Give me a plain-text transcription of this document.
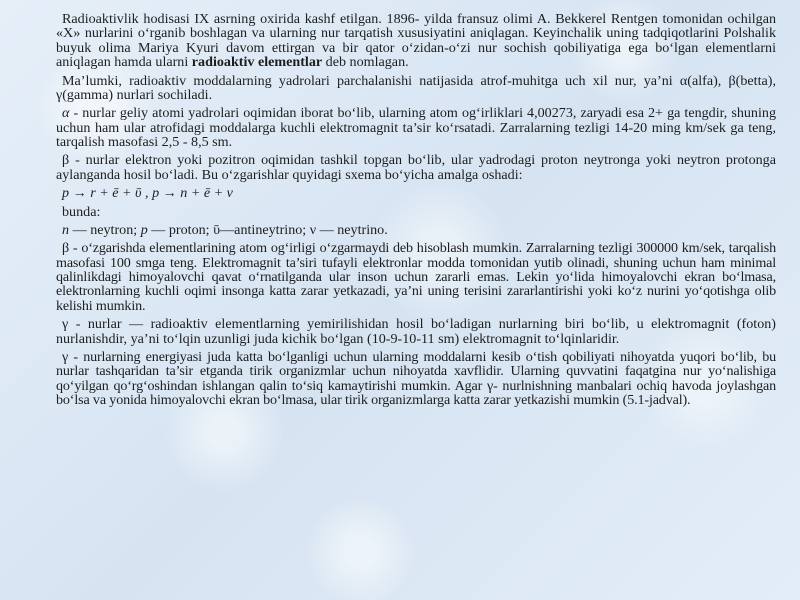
Radioaktivlik hodisasi IX asrning oxirida kashf etilgan. 1896- yilda fransuz olimi A. Bekkerel Rentgen tomonidan ochilgan «X» nurlarini o‘rganib boshlagan va ularning nur tarqatish xususiyatini aniqlagan. Keyinchalik uning tadqiqotlarini Polshalik buyuk olima Mariya Kyuri davom ettirgan va bir qator o‘zidan-o‘zi nur sochish qobiliyatiga ega bo‘lgan elementlarni aniqlagan hamda ularni radioaktiv elementlar deb nomlagan.

Ma’lumki, radioaktiv moddalarning yadrolari parchalanishi natijasida atrof-muhitga uch xil nur, ya’ni α(alfa), β(betta), γ(gamma) nurlari sochiladi.

α - nurlar geliy atomi yadrolari oqimidan iborat bo‘lib, ularning atom og‘irliklari 4,00273, zaryadi esa 2+ ga tengdir, shuning uchun ham ular atrofidagi moddalarga kuchli elektromagnit ta’sir ko‘rsatadi. Zarralarning tezligi 14-20 ming km/sek ga teng, tarqalish masofasi 2,5 - 8,5 sm.

β - nurlar elektron yoki pozitron oqimidan tashkil topgan bo‘lib, ular yadrodagi proton neytronga yoki neytron protonga aylanganda hosil bo‘ladi. Bu o‘zgarishlar quyidagi sxema bo‘yicha amalga oshadi:

p → r + ē + ῡ , p → n + ē + v

bunda:

n — neytron; p — proton; ῡ—antineytrino; ν — neytrino.

β - o‘zgarishda elementlarining atom og‘irligi o‘zgarmaydi deb hisoblash mumkin. Zarralarning tezligi 300000 km/sek, tarqalish masofasi 100 smga teng. Elektromagnit ta’siri tufayli elektronlar modda tomonidan yutib olinadi, shuning uchun ham minimal qalinlikdagi himoyalovchi qavat o‘rnatilganda ular inson uchun zararli emas. Lekin yo‘lida himoyalovchi ekran bo‘lmasa, elektronlarning kuchli oqimi insonga katta zarar yetkazadi, ya’ni uning terisini zararlantirishi yoki ko‘z nurini yo‘qotishga olib kelishi mumkin.

γ - nurlar — radioaktiv elementlarning yemirilishidan hosil bo‘ladigan nurlarning biri bo‘lib, u elektromagnit (foton) nurlanishdir, ya’ni to‘lqin uzunligi juda kichik bo‘lgan (10-9-10-11 sm) elektromagnit to‘lqinlaridir.

γ - nurlarning energiyasi juda katta bo‘lganligi uchun ularning moddalarni kesib o‘tish qobiliyati nihoyatda yuqori bo‘lib, bu nurlar tashqaridan ta’sir etganda tirik organizmlar uchun nihoyatda xavflidir. Ularning quvvatini faqatgina nur yo‘nalishiga qo‘yilgan qo‘rg‘oshindan ishlangan qalin to‘siq kamaytirishi mumkin. Agar γ- nurlnishning manbalari ochiq havoda joylashgan bo‘lsa va yonida himoyalovchi ekran bo‘lmasa, ular tirik organizmlarga katta zarar yetkazishi mumkin (5.1-jadval).
